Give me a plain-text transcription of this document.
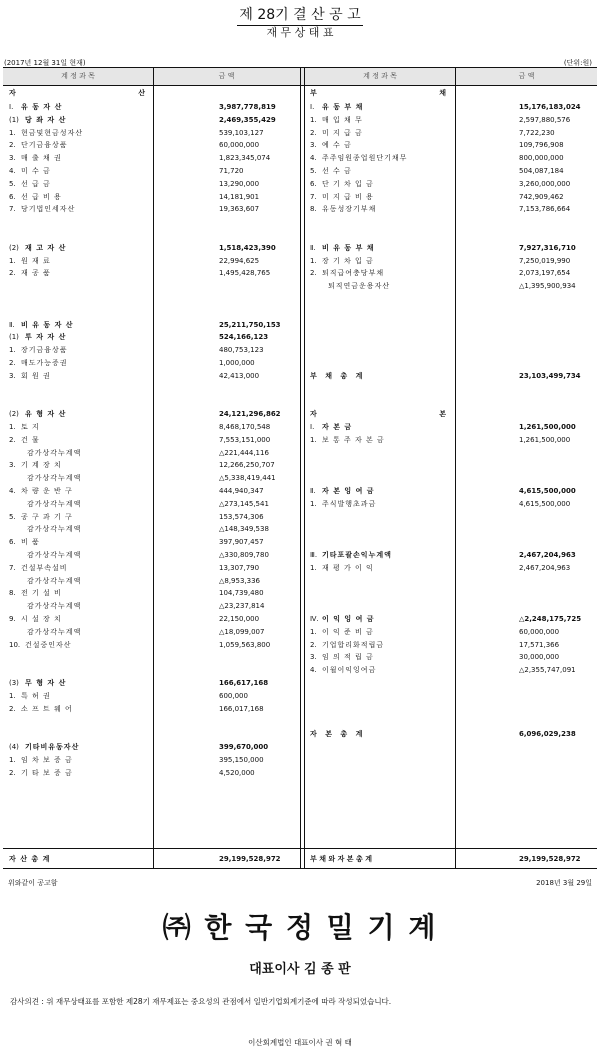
제 28기 결 산 공 고
재 무 상 태 표
(2017년 12월 31일 현재)	(단위:원)
계 정 과 목	금 액	계 정 과 목	금 액
자	산	부	채
Ⅰ. 유 동 자 산	3,987,778,819
(1) 당 좌 자 산	2,469,355,429
1. 현금및현금성자산	539,103,127
2. 단기금융상품	60,000,000
3. 매 출 채 권	1,823,345,074
4. 미 수 금	71,720
5. 선 급 금	13,290,000
6. 선 급 비 용	14,181,901
7. 당기법인세자산	19,363,607
(2) 재 고 자 산	1,518,423,390
1. 원 재 료	22,994,625
2. 재 공 품	1,495,428,765
Ⅱ. 비 유 동 자 산	25,211,750,153
(1) 투 자 자 산	524,166,123
1. 장기금융상품	480,753,123
2. 매도가능증권	1,000,000
3. 회 원 권	42,413,000
(2) 유 형 자 산	24,121,296,862
1. 토 지	8,468,170,548
2. 건 물	7,553,151,000
감가상각누계액	△221,444,116
3. 기 계 장 치	12,266,250,707
감가상각누계액	△5,338,419,441
4. 차 량 운 반 구	444,940,347
감가상각누계액	△273,145,541
5. 공 구 과 기 구	153,574,306
감가상각누계액	△148,349,538
6. 비 품	397,907,457
감가상각누계액	△330,809,780
7. 건설부속설비	13,307,790
감가상각누계액	△8,953,336
8. 전 기 설 비	104,739,480
감가상각누계액	△23,237,814
9. 시 설 장 치	22,150,000
감가상각누계액	△18,099,007
10. 건설중인자산	1,059,563,800
(3) 무 형 자 산	166,617,168
1. 특 허 권	600,000
2. 소 프 트 웨 어	166,017,168
(4) 기타비유동자산	399,670,000
1. 임 차 보 증 금	395,150,000
2. 기 타 보 증 금	4,520,000
Ⅰ. 유 동 부 채	15,176,183,024
1. 매 입 채 무	2,597,880,576
2. 미 지 급 금	7,722,230
3. 예 수 금	109,796,908
4. 주주임원종업원단기채무	800,000,000
5. 선 수 금	504,087,184
6. 단 기 차 입 금	3,260,000,000
7. 미 지 급 비 용	742,909,462
8. 유동성장기부채	7,153,786,664
Ⅱ. 비 유 동 부 채	7,927,316,710
1. 장 기 차 입 금	7,250,019,990
2. 퇴직급여충당부채	2,073,197,654
퇴직연금운용자산	△1,395,900,934
부 채 총 계	23,103,499,734
자	본
Ⅰ. 자 본 금	1,261,500,000
1. 보 통 주 자 본 금	1,261,500,000
Ⅱ. 자 본 잉 여 금	4,615,500,000
1. 주식발행초과금	4,615,500,000
Ⅲ. 기타포괄손익누계액	2,467,204,963
1. 재 평 가 이 익	2,467,204,963
Ⅳ. 이 익 잉 여 금	△2,248,175,725
1. 이 익 준 비 금	60,000,000
2. 기업합리화적립금	17,571,366
3. 임 의 적 립 금	30,000,000
4. 이월이익잉여금	△2,355,747,091
자 본 총 계	6,096,029,238
자 산 총 계	29,199,528,972	부 채 와 자 본 총 계	29,199,528,972
위와같이 공고함	2018년 3월 29일
㈜ 한 국 정 밀 기 계
대표이사 김 종 판
감사의견 : 위 재무상태표를 포함한 제28기 재무제표는 중요성의 관점에서 일반기업회계기준에 따라 작성되었습니다.
이산회계법인 대표이사 권 혁 태
